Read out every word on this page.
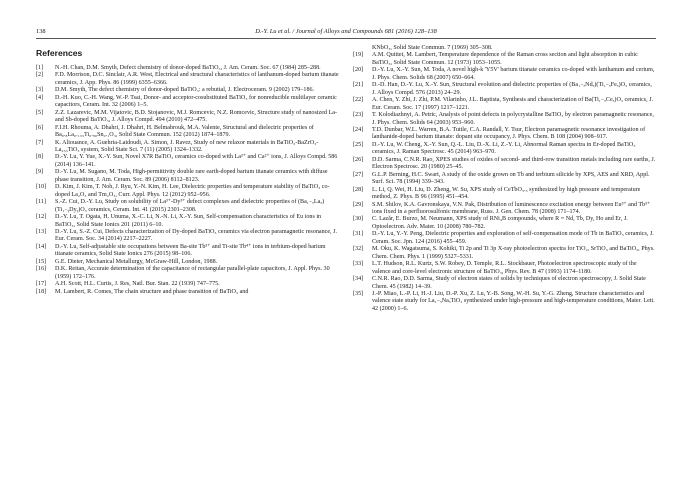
138	D.-Y. Lu et al. / Journal of Alloys and Compounds 681 (2016) 128–138
References
[1] N.-H. Chan, D.M. Smyth, Defect chemistry of donor-doped BaTiO₃, J. Am. Ceram. Soc. 67 (1984) 285–288.
[2] F.D. Morrison, D.C. Sinclair, A.R. West, Electrical and structural characteristics of lanthanum-doped barium titanate ceramics, J. App. Phys. 86 (1999) 6355–6366.
[3] D.M. Smyth, The defect chemistry of donor-doped BaTiO₃: a rebuttal, J. Electroceram. 9 (2002) 179–186.
[4] D.-H. Kuo, C.-H. Wang, W.-P. Tsai, Donor- and acceptor-cosubstituted BaTiO₃ for nonreducible multilayer ceramic capacitors, Ceram. Int. 32 (2006) 1–5.
[5] Z.Z. Lazarevic, M.M. Vijatovic, B.D. Stojanovic, M.J. Romcevic, N.Z. Romcevic, Structure study of nanosized La- and Sb-doped BaTiO₃, J. Alloys Compd. 494 (2010) 472–475.
[6] F.I.H. Rhouma, A. Dhahri, J. Dhahri, H. Belmabrouk, M.A. Valente, Structural and dielectric properties of Ba₀.₈La₀.₁₃₃Ti₀.₉₀Sn₀.₁O₃, Solid State Commun. 152 (2012) 1874–1879.
[7] K. Aliouance, A. Guehria-Laidoudi, A. Simon, J. Ravez, Study of new relaxor materials in BaTiO₃-BaZrO₃-La₂₃₃TiO₃ system, Solid State Sci. 7 (11) (2005) 1324–1332.
[8] D.-Y. Lu, Y. Yue, X.-Y. Sun, Novel X7R BaTiO₃ ceramics co-doped with La³⁺ and Ca²⁺ ions, J. Alloys Compd. 586 (2014) 136–141.
[9] D.-Y. Lu, M. Sugano, M. Toda, High-permittivity double rare earth-doped barium titanate ceramics with diffuse phase transition, J. Am. Ceram. Soc. 89 (2006) 8112–8123.
[10] D. Kim, J. Kim, T. Noh, J. Ryu, Y.-N. Kim, H. Lee, Dielectric properties and temperature stability of BaTiO₃ co-doped La₂O₃ and Tm₂O₃, Curr. Appl. Phys. 12 (2012) 952–956.
[11] S.-Z. Cui, D.-Y. Lu, Study on solubility of La³⁺-Dy³⁺ defect complexes and dielectric properties of (Ba₁₋ₓLaₓ)(Ti₁₋ᵧDyᵧ)O₃ ceramics, Ceram. Int. 41 (2015) 2301–2308.
[12] D.-Y. Lu, T. Ogata, H. Unuma, X.-C. Li, N.-N. Li, X.-Y. Sun, Self-compensation characteristics of Eu ions in BaTiO₃, Solid State Ionics 201 (2011) 6–10.
[13] D.-Y. Lu, S.-Z. Cui, Defects characterization of Dy-doped BaTiO₃ ceramics via electron paramagnetic resonance, J. Eur. Ceram. Soc. 34 (2014) 2217–2227.
[14] D.-Y. Lu, Self-adjustable site occupations between Ba-site Tb³⁺ and Ti-site Tb⁴⁺ ions in terbium-doped barium titanate ceramics, Solid State Ionics 276 (2015) 98–106.
[15] G.E. Dieter, Mechanical Metallurgy, McGraw-Hill, London, 1988.
[16] D.K. Reitan, Accurate determination of the capacitance of rectangular parallel-plate capacitors, J. Appl. Phys. 30 (1959) 172–176.
[17] A.H. Scott, H.L. Curtis, J. Res, Natl. Bur. Stan. 22 (1939) 747–775.
[18] M. Lambert, R. Comes, The chain structure and phase transition of BaTiO₃ and
KNbO₃, Solid State Commun. 7 (1969) 305–308.
[19] A.M. Quittet, M. Lambert, Temperature dependence of the Raman cross section and light absorption in cubic BaTiO₃, Solid State Commun. 12 (1973) 1053–1055.
[20] D.-Y. Lu, X.-Y. Sun, M. Toda, A novel high-k 'Y5V' barium titanate ceramics co-doped with lanthanum and cerium, J. Phys. Chem. Solids 68 (2007) 650–664.
[21] D.-D. Han, D.-Y. Lu, X.-Y. Sun, Structural evolution and dielectric properties of (Ba₁₋ₓNdₓ)(Ti₁₋ₓFeₓ)O₃ ceramics, J. Alloys Compd. 576 (2013) 24–29.
[22] A. Chen, Y. Zhi, J. Zhi, P.M. Vilarinho, J.L. Baptista, Synthesis and characterization of Ba(Ti₁₋ₓCeₓ)O₃ ceramics, J. Eur. Ceram. Soc. 17 (1997) 1217–1221.
[23] T. Kolodiazhnyi, A. Petric, Analysis of point defects in polycrystalline BaTiO₃ by electron paramagnetic resonance, J. Phys. Chem. Solids 64 (2003) 953–960.
[24] T.D. Dunbar, W.L. Warren, B.A. Tuttle, C.A. Randall, Y. Tsur, Electron paramagnetic resonance investigation of lanthanide-doped barium titanate: dopant site occupancy, J. Phys. Chem. B 108 (2004) 908–917.
[25] D.-Y. Lu, W. Cheng, X.-Y. Sun, Q.-L. Liu, D.-X. Li, Z.-Y. Li, Abnormal Raman spectra in Er-doped BaTiO₃ ceramics, J. Raman Spectrosc. 45 (2014) 963–970.
[26] D.D. Sarma, C.N.R. Rao, XPES studies of oxides of second- and third-row transition metals including rare earths, J. Electron Spectrosc. 20 (1980) 25–45.
[27] G.L.P. Berning, H.C. Swart, A study of the oxide grown on Tb and terbium silicide by XPS, AES and XRD, Appl. Surf. Sci. 78 (1994) 339–343.
[28] L. Li, Q. Wei, H. Liu, D. Zheng, W. Su, XPS study of CeTbO₃.₃ synthesized by high pressure and temperature method, Z. Phys. B 96 (1995) 451–454.
[29] S.M. Shilov, K.A. Gavronskaya, V.N. Pak, Distribution of luminescence excitation energy between Eu³⁺ and Tb³⁺ ions fixed in a perfluorosulfonic membrane, Russ. J. Gen. Chem. 78 (2008) 171–174.
[30] C. Lazăr, E. Burzo, M. Neumann, XPS study of RNi₄B compounds, where R = Nd, Tb, Dy, Ho and Er, J. Optoelectron. Adv. Mater. 10 (2008) 780–782.
[31] D.-Y. Lu, Y.-Y. Peng, Dielectric properties and exploration of self-compensation mode of Tb in BaTiO₃ ceramics, J. Ceram. Soc. Jpn. 124 (2016) 455–459.
[32] M. Oku, K. Wagatsuma, S. Kohiki, Ti 2p and Ti 3p X-ray photoelectron spectra for TiO₂, SrTiO₃ and BaTiO₃, Phys. Chem. Chem. Phys. 1 (1999) 5327–5331.
[33] L.T. Hudson, R.L. Kurtz, S.W. Robey, D. Temple, R.L. Stockbauer, Photoelectron spectroscopic study of the valence and core-level electronic structure of BaTiO₃, Phys. Rev. B 47 (1993) 1174–1180.
[34] C.N.R. Rao, D.D. Sarma, Study of electron states of solids by techniques of electron spectroscopy, J. Solid State Chem. 45 (1982) 14–39.
[35] J.-P. Miao, L.-P. Li, H.-J. Liu, D.-P. Xu, Z. Lu, Y.-B. Song, W.-H. Su, Y.-G. Zheng, Structure characteristics and valence state study for La₁₋ₓNaₓTiO₃ synthesized under high-pressure and high-temperature conditions, Mater. Lett. 42 (2000) 1–6.
